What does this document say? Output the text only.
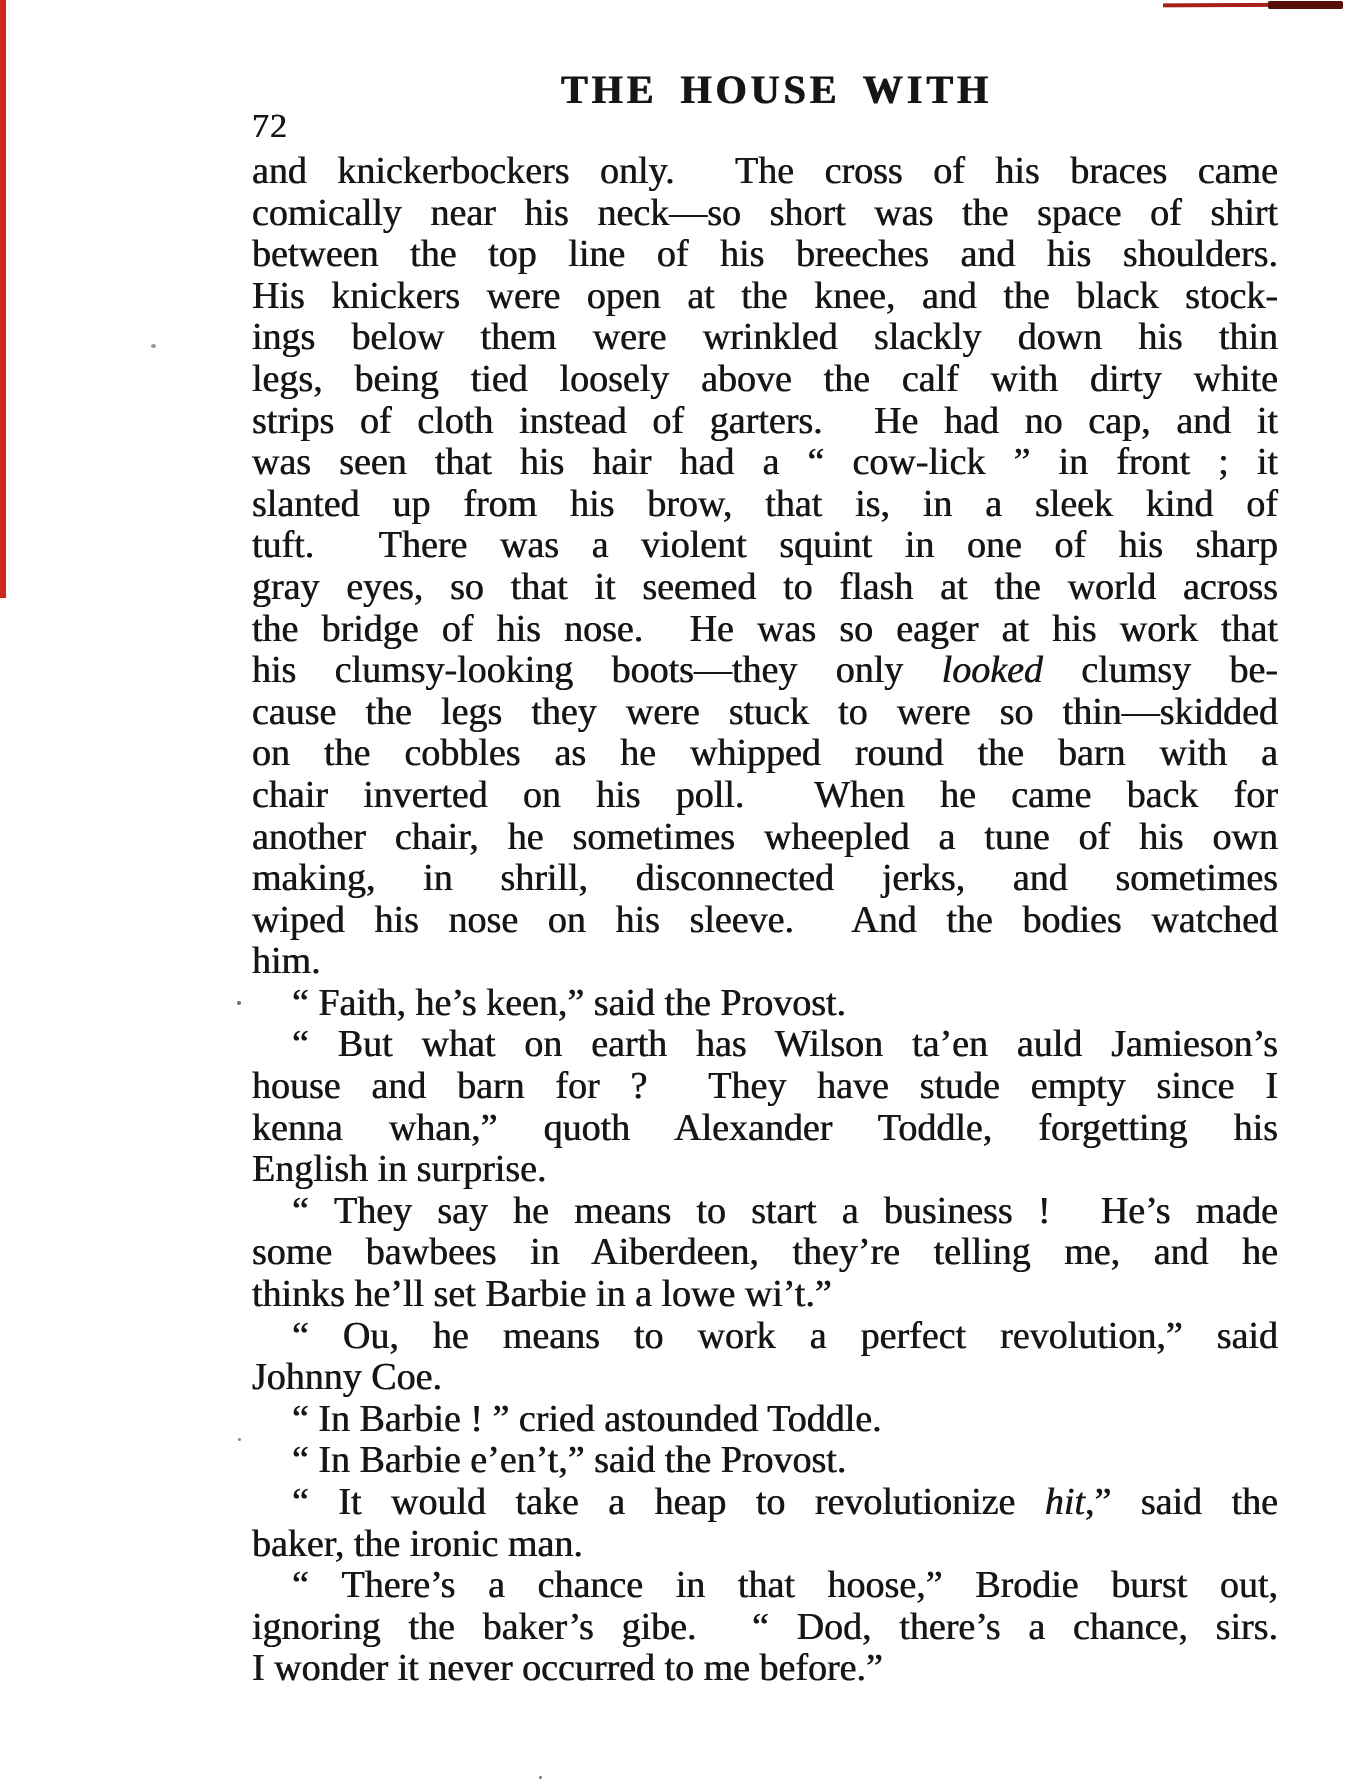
72
THE HOUSE WITH
and knickerbockers only.  The cross of his braces came
comically near his neck—so short was the space of shirt
between the top line of his breeches and his shoulders.
His knickers were open at the knee, and the black stock-
ings below them were wrinkled slackly down his thin
legs, being tied loosely above the calf with dirty white
strips of cloth instead of garters.  He had no cap, and it
was seen that his hair had a “ cow-lick ” in front ; it
slanted up from his brow, that is, in a sleek kind of
tuft.  There was a violent squint in one of his sharp
gray eyes, so that it seemed to flash at the world across
the bridge of his nose.  He was so eager at his work that
his clumsy-looking boots—they only looked clumsy be-
cause the legs they were stuck to were so thin—skidded
on the cobbles as he whipped round the barn with a
chair inverted on his poll.  When he came back for
another chair, he sometimes wheepled a tune of his own
making, in shrill, disconnected jerks, and sometimes
wiped his nose on his sleeve.  And the bodies watched
him.
“ Faith, he’s keen,” said the Provost.
“ But what on earth has Wilson ta’en auld Jamieson’s
house and barn for ?  They have stude empty since I
kenna whan,” quoth Alexander Toddle, forgetting his
English in surprise.
“ They say he means to start a business !  He’s made
some bawbees in Aiberdeen, they’re telling me, and he
thinks he’ll set Barbie in a lowe wi’t.”
“ Ou, he means to work a perfect revolution,” said
Johnny Coe.
“ In Barbie ! ” cried astounded Toddle.
“ In Barbie e’en’t,” said the Provost.
“ It would take a heap to revolutionize hit,” said the
baker, the ironic man.
“ There’s a chance in that hoose,” Brodie burst out,
ignoring the baker’s gibe.  “ Dod, there’s a chance, sirs.
I wonder it never occurred to me before.”
